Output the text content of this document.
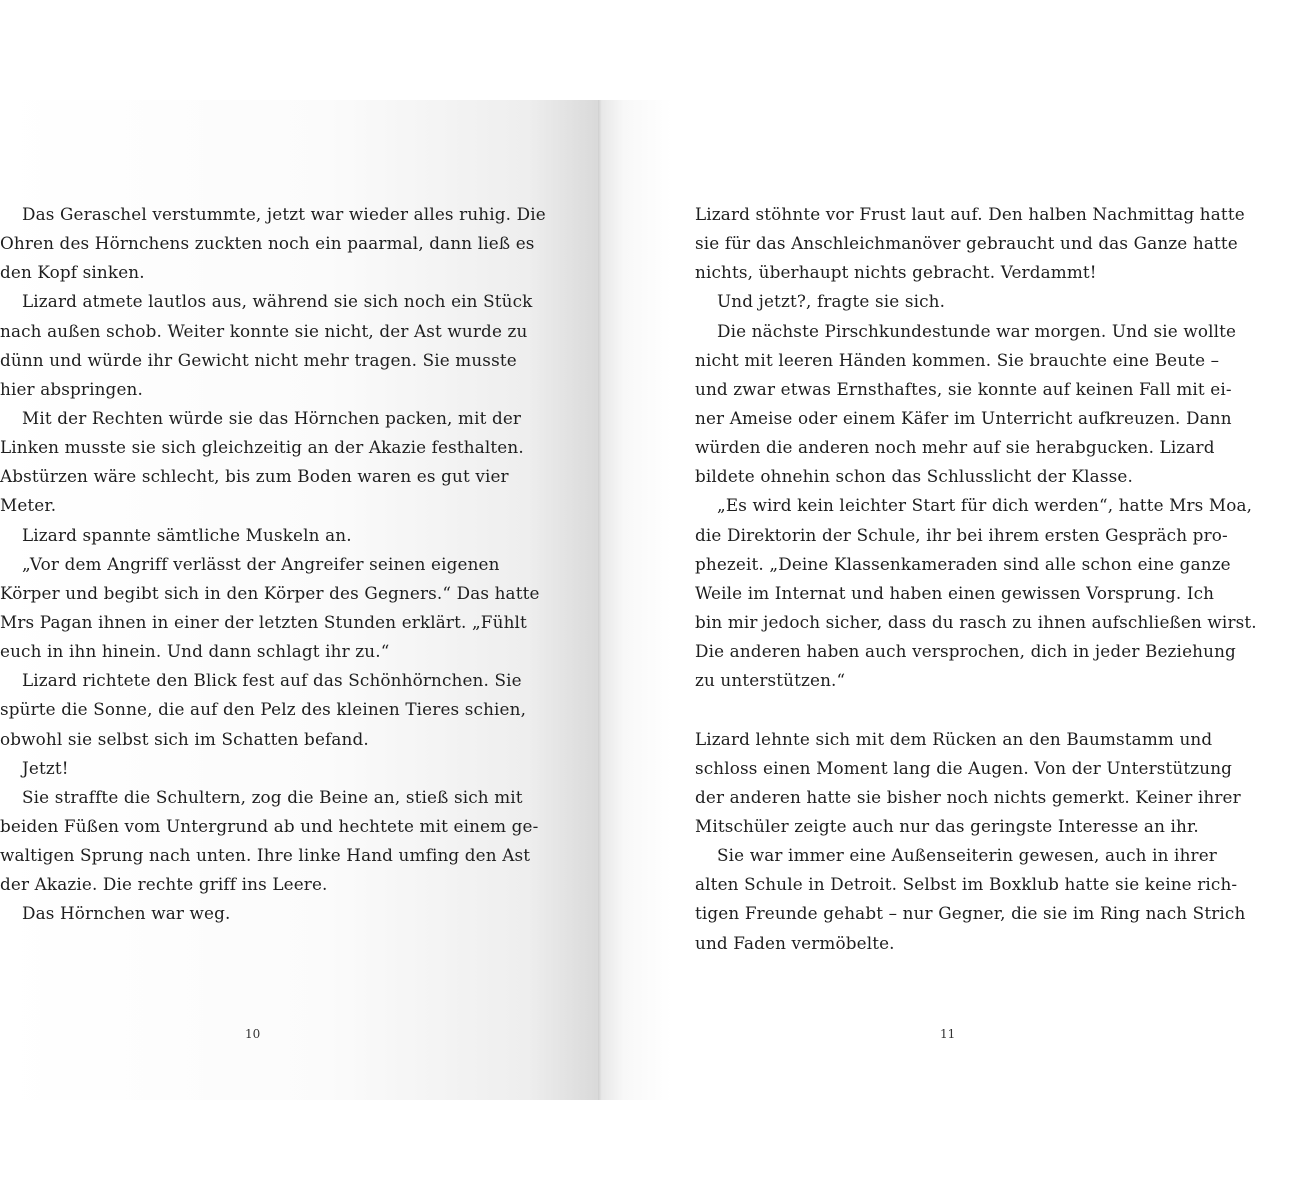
Das Geraschel verstummte, jetzt war wieder alles ruhig. Die
Ohren des Hörnchens zuckten noch ein paarmal, dann ließ es
den Kopf sinken.
Lizard atmete lautlos aus, während sie sich noch ein Stück
nach außen schob. Weiter konnte sie nicht, der Ast wurde zu
dünn und würde ihr Gewicht nicht mehr tragen. Sie musste
hier abspringen.
Mit der Rechten würde sie das Hörnchen packen, mit der
Linken musste sie sich gleichzeitig an der Akazie festhalten.
Abstürzen wäre schlecht, bis zum Boden waren es gut vier
Meter.
Lizard spannte sämtliche Muskeln an.
„Vor dem Angriff verlässt der Angreifer seinen eigenen
Körper und begibt sich in den Körper des Gegners.“ Das hatte
Mrs Pagan ihnen in einer der letzten Stunden erklärt. „Fühlt
euch in ihn hinein. Und dann schlagt ihr zu.“
Lizard richtete den Blick fest auf das Schönhörnchen. Sie
spürte die Sonne, die auf den Pelz des kleinen Tieres schien,
obwohl sie selbst sich im Schatten befand.
Jetzt!
Sie straffte die Schultern, zog die Beine an, stieß sich mit
beiden Füßen vom Untergrund ab und hechtete mit einem ge-
waltigen Sprung nach unten. Ihre linke Hand umfing den Ast
der Akazie. Die rechte griff ins Leere.
Das Hörnchen war weg.
10
Lizard stöhnte vor Frust laut auf. Den halben Nachmittag hatte
sie für das Anschleichmanöver gebraucht und das Ganze hatte
nichts, überhaupt nichts gebracht. Verdammt!
Und jetzt?, fragte sie sich.
Die nächste Pirschkundestunde war morgen. Und sie wollte
nicht mit leeren Händen kommen. Sie brauchte eine Beute –
und zwar etwas Ernsthaftes, sie konnte auf keinen Fall mit ei-
ner Ameise oder einem Käfer im Unterricht aufkreuzen. Dann
würden die anderen noch mehr auf sie herabgucken. Lizard
bildete ohnehin schon das Schlusslicht der Klasse.
„Es wird kein leichter Start für dich werden“, hatte Mrs Moa,
die Direktorin der Schule, ihr bei ihrem ersten Gespräch pro-
phezeit. „Deine Klassenkameraden sind alle schon eine ganze
Weile im Internat und haben einen gewissen Vorsprung. Ich
bin mir jedoch sicher, dass du rasch zu ihnen aufschließen wirst.
Die anderen haben auch versprochen, dich in jeder Beziehung
zu unterstützen.“
Lizard lehnte sich mit dem Rücken an den Baumstamm und
schloss einen Moment lang die Augen. Von der Unterstützung
der anderen hatte sie bisher noch nichts gemerkt. Keiner ihrer
Mitschüler zeigte auch nur das geringste Interesse an ihr.
Sie war immer eine Außenseiterin gewesen, auch in ihrer
alten Schule in Detroit. Selbst im Boxklub hatte sie keine rich-
tigen Freunde gehabt – nur Gegner, die sie im Ring nach Strich
und Faden vermöbelte.
11
